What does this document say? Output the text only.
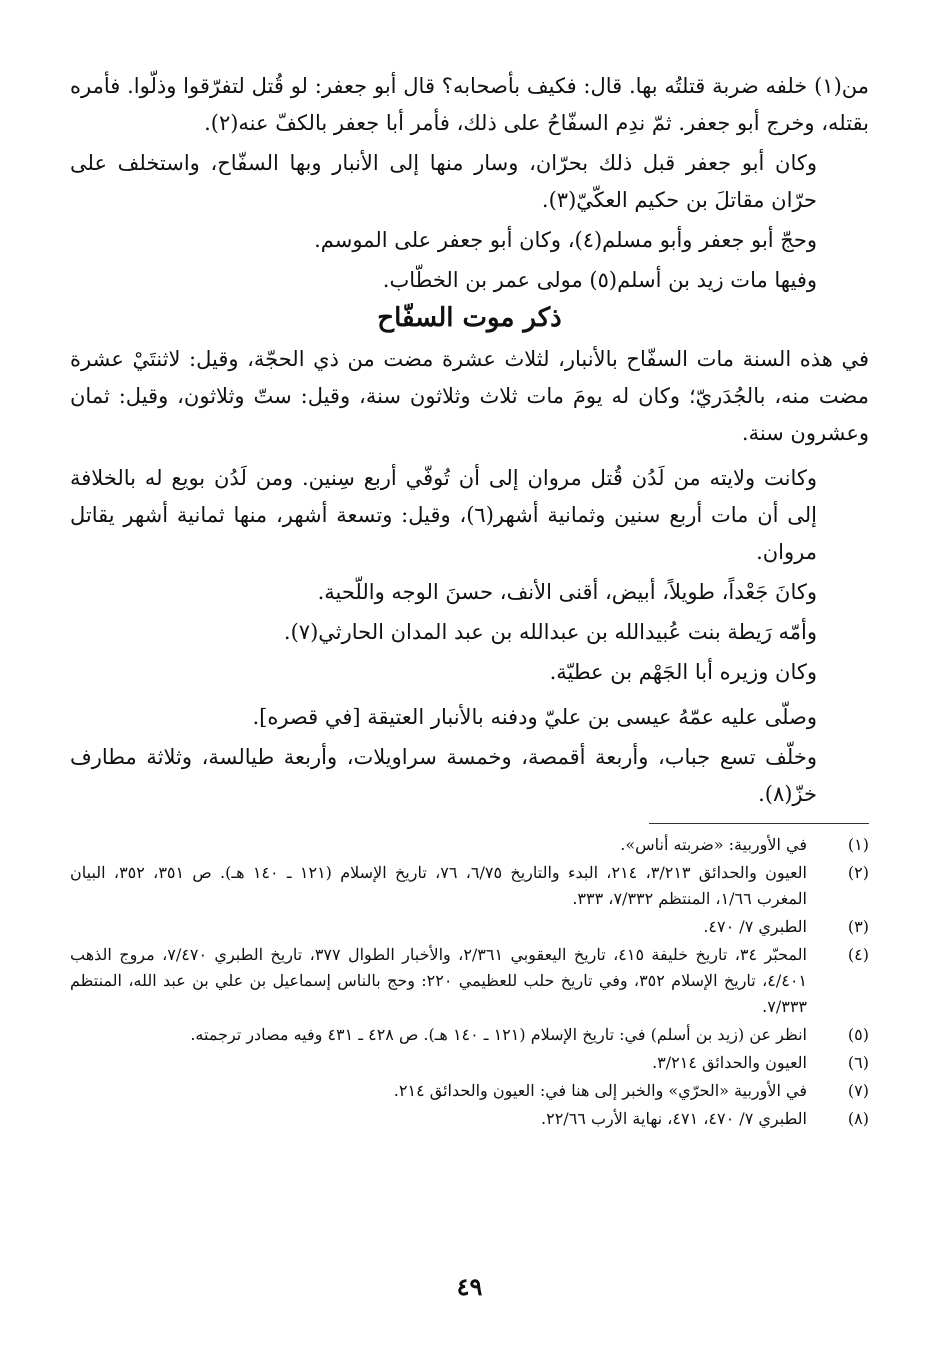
من(١) خلفه ضربة قتلتُه بها. قال: فكيف بأصحابه؟ قال أبو جعفر: لو قُتل لتفرّقوا وذلّوا. فأمره بقتله، وخرج أبو جعفر. ثمّ ندِم السفّاحُ على ذلك، فأمر أبا جعفر بالكفّ عنه(٢).

وكان أبو جعفر قبل ذلك بحرّان، وسار منها إلى الأنبار وبها السفّاح، واستخلف على حرّان مقاتلَ بن حكيم العكّيّ(٣).

وحجّ أبو جعفر وأبو مسلم(٤)، وكان أبو جعفر على الموسم.

وفيها مات زيد بن أسلم(٥) مولى عمر بن الخطّاب.

ذكر موت السفّاح

في هذه السنة مات السفّاح بالأنبار، لثلاث عشرة مضت من ذي الحجّة، وقيل: لاثنتَيْ عشرة مضت منه، بالجُدَريّ؛ وكان له يومَ مات ثلاث وثلاثون سنة، وقيل: ستّ وثلاثون، وقيل: ثمان وعشرون سنة.

وكانت ولايته من لَدُن قُتل مروان إلى أن تُوفّي أربع سِنين. ومن لَدُن بويع له بالخلافة إلى أن مات أربع سنين وثمانية أشهر(٦)، وقيل: وتسعة أشهر، منها ثمانية أشهر يقاتل مروان.

وكانَ جَعْداً، طويلاً، أبيض، أقنى الأنف، حسنَ الوجه واللّحية.

وأمّه رَيطة بنت عُبيدالله بن عبدالله بن عبد المدان الحارثي(٧).

وكان وزيره أبا الجَهْم بن عطيّة.

وصلّى عليه عمّهُ عيسى بن عليّ ودفنه بالأنبار العتيقة [في قصره].

وخلّف تسع جباب، وأربعة أقمصة، وخمسة سراويلات، وأربعة طيالسة، وثلاثة مطارف خزّ(٨).

(١)
في الأوربية: «ضربته أناس».
(٢)
العيون والحدائق ٣/٢١٣، ٢١٤، البدء والتاريخ ٦/٧٥، ٧٦، تاريخ الإسلام (١٢١ ـ ١٤٠ هـ). ص ٣٥١، ٣٥٢، البيان المغرب ١/٦٦، المنتظم ٧/٣٣٢، ٣٣٣.
(٣)
الطبري ٧/ ٤٧٠.
(٤)
المحبّر ٣٤، تاريخ خليفة ٤١٥، تاريخ اليعقوبي ٢/٣٦١، والأخبار الطوال ٣٧٧، تاريخ الطبري ٧/٤٧٠، مروج الذهب ٤/٤٠١، تاريخ الإسلام ٣٥٢، وفي تاريخ حلب للعظيمي ٢٢٠: وحج بالناس إسماعيل بن علي بن عبد الله، المنتظم ٧/٣٣٣.
(٥)
انظر عن (زيد بن أسلم) في: تاريخ الإسلام (١٢١ ـ ١٤٠ هـ). ص ٤٢٨ ـ ٤٣١ وفيه مصادر ترجمته.
(٦)
العيون والحدائق ٣/٢١٤.
(٧)
في الأوربية «الحرّي» والخبر إلى هنا في: العيون والحدائق ٢١٤.
(٨)
الطبري ٧/ ٤٧٠، ٤٧١، نهاية الأرب ٢٢/٦٦.
٤٩
